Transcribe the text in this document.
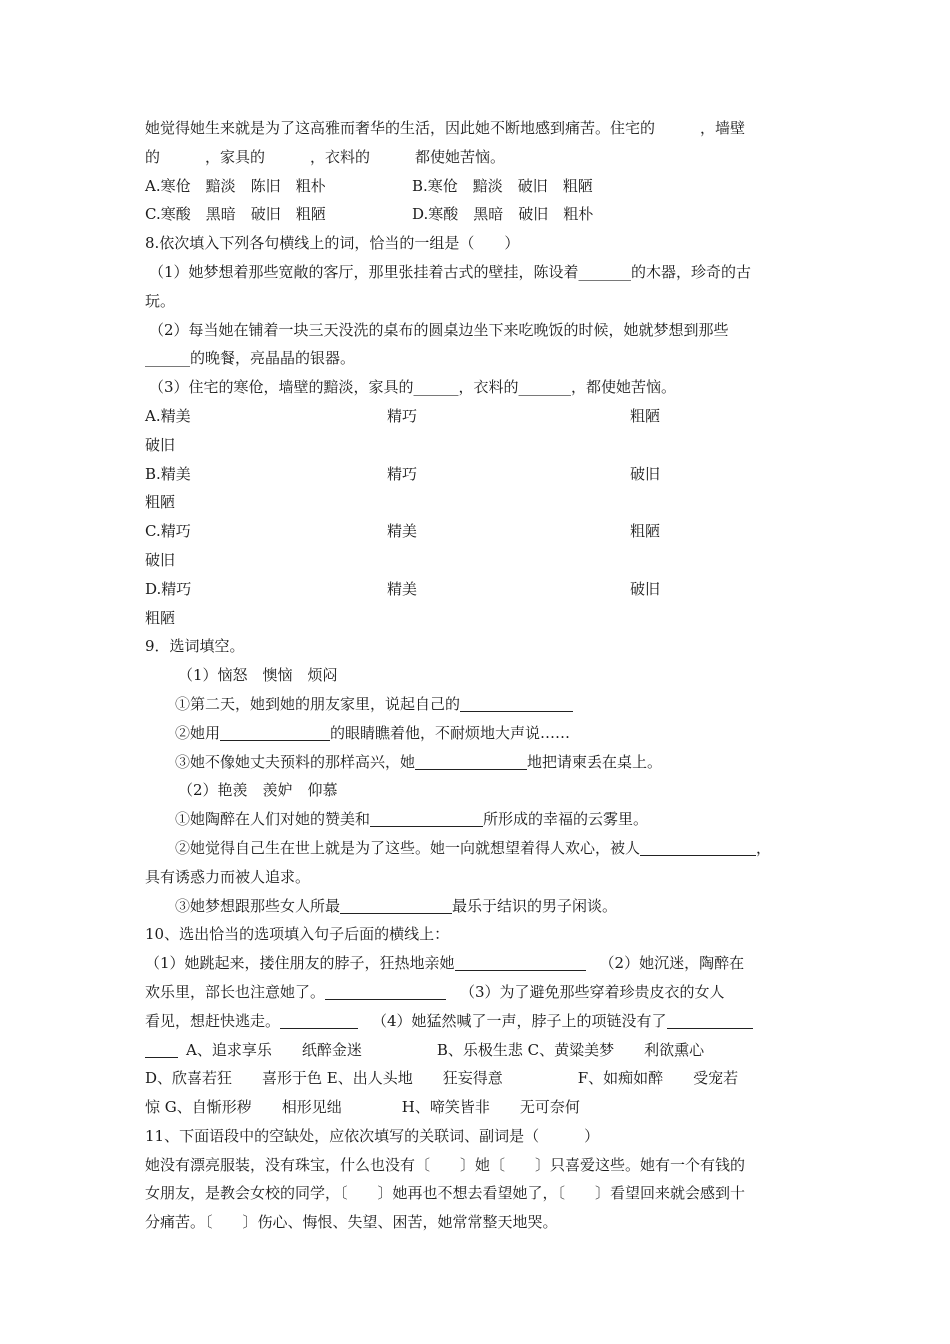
她觉得她生来就是为了这高雅而奢华的生活，因此她不断地感到痛苦。住宅的　　　，墙壁
的　　　，家具的　　　，衣料的　　　都使她苦恼。
A.寒伧　黯淡　陈旧　粗朴	B.寒伧　黯淡　破旧　粗陋
C.寒酸　黑暗　破旧　粗陋	D.寒酸　黑暗　破旧　粗朴
8.依次填入下列各句横线上的词，恰当的一组是（　　）
（1）她梦想着那些宽敞的客厅，那里张挂着古式的壁挂，陈设着_______的木器，珍奇的古
玩。
（2）每当她在铺着一块三天没洗的桌布的圆桌边坐下来吃晚饭的时候，她就梦想到那些
______的晚餐，亮晶晶的银器。
（3）住宅的寒伧，墙壁的黯淡，家具的______，衣料的_______，都使她苦恼。
A.精美	精巧	粗陋
破旧
B.精美	精巧	破旧
粗陋
C.精巧	精美	粗陋
破旧
D.精巧	精美	破旧
粗陋
9．选词填空。
（1）恼怒　懊恼　烦闷
①第二天，她到她的朋友家里，说起自己的
②她用	的眼睛瞧着他，不耐烦地大声说……
③她不像她丈夫预料的那样高兴，她	地把请柬丢在桌上。
（2）艳羡　羡妒　仰慕
①她陶醉在人们对她的赞美和	所形成的幸福的云雾里。
②她觉得自己生在世上就是为了这些。她一向就想望着得人欢心，被人	，
具有诱惑力而被人追求。
③她梦想跟那些女人所最	最乐于结识的男子闲谈。
10、选出恰当的选项填入句子后面的横线上：
（1）她跳起来，搂住朋友的脖子，狂热地亲她	（2）她沉迷，陶醉在
欢乐里，部长也注意她了。	（3）为了避免那些穿着珍贵皮衣的女人
看见，想赶快逃走。	（4）她猛然喊了一声，脖子上的项链没有了
A、追求享乐　　纸醉金迷　　　　　B、乐极生悲 C、黄粱美梦　　利欲熏心
D、欣喜若狂　　喜形于色 E、出人头地　　狂妄得意　　　　　F、如痴如醉　　受宠若
惊 G、自惭形秽　　相形见绌　　　　H、啼笑皆非　　无可奈何
11、下面语段中的空缺处，应依次填写的关联词、副词是（　　　）
她没有漂亮服装，没有珠宝，什么也没有〔　　〕她〔　　〕只喜爱这些。她有一个有钱的
女朋友，是教会女校的同学，〔　　〕她再也不想去看望她了，〔　　〕看望回来就会感到十
分痛苦。〔　　〕伤心、悔恨、失望、困苦，她常常整天地哭。
